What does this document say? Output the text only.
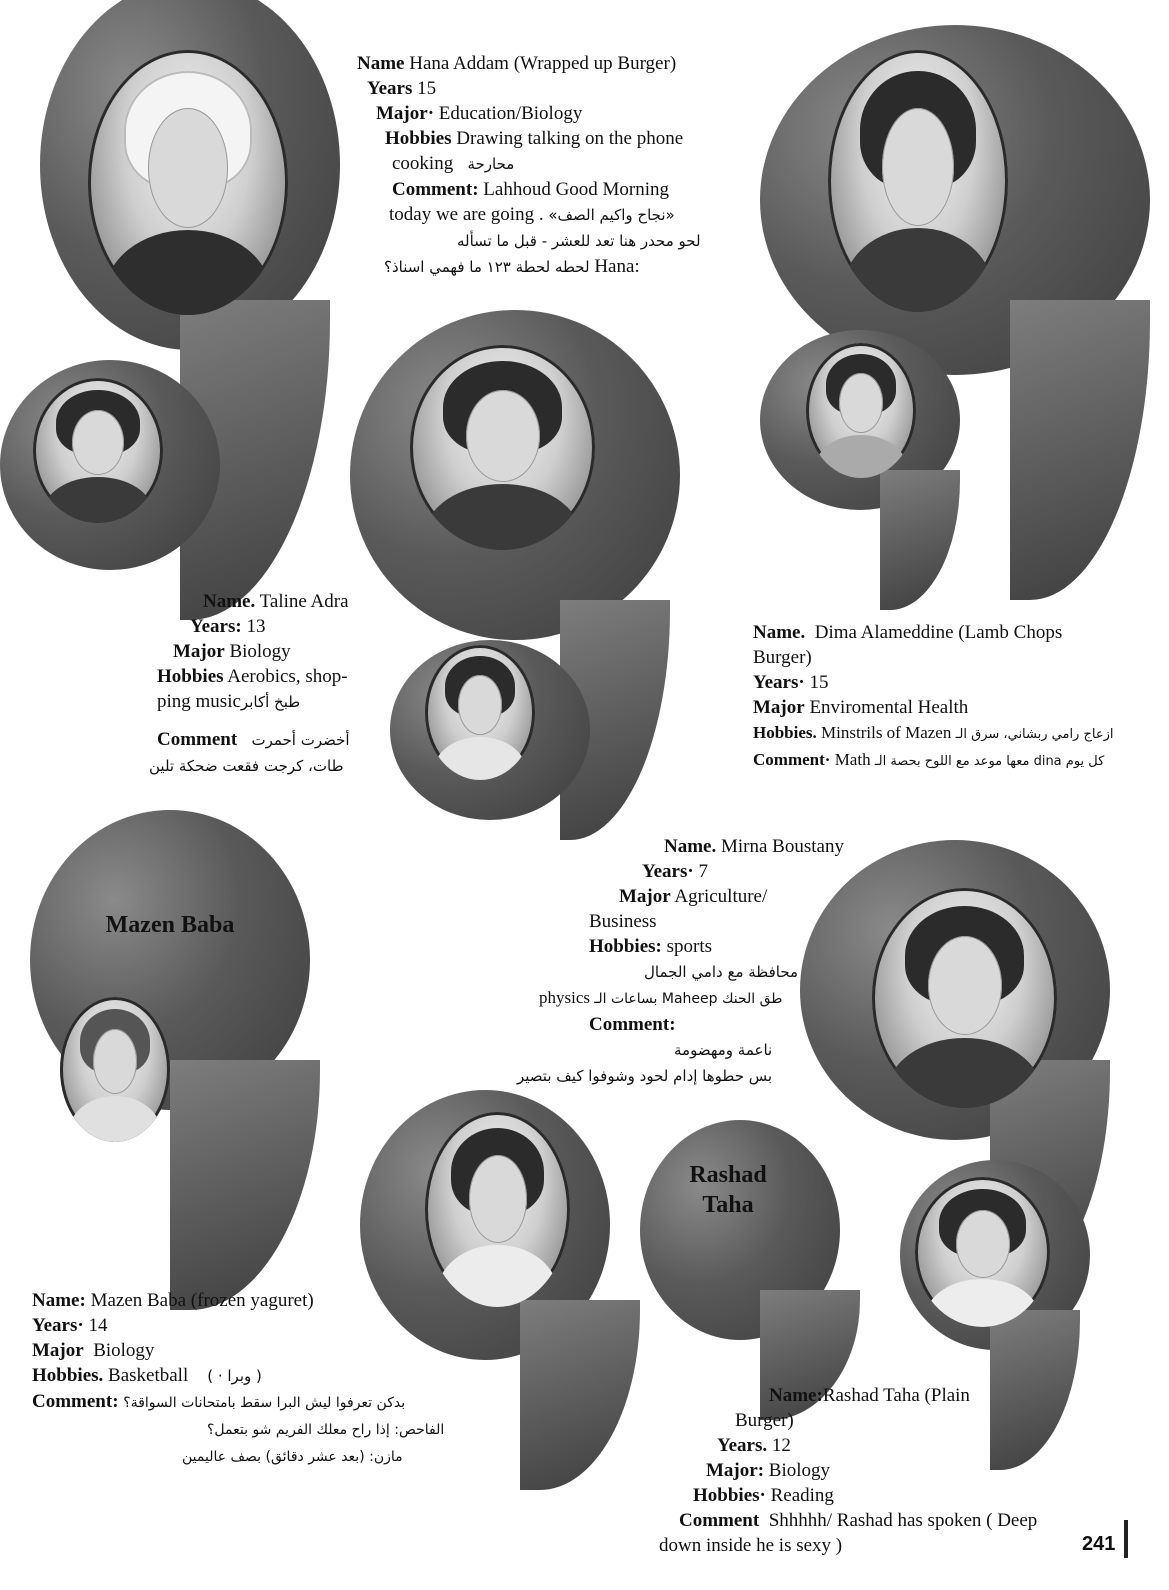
Name Hana Addam (Wrapped up Burger)
Years 15
Major· Education/Biology
Hobbies Drawing talking on the phone
cooking محارحة
Comment: Lahhoud Good Morning
today we are going . «نجاح واكيم الصف»
لحو محدر هنا تعد للعشر - قبل ما تسأله
لحطه لحطة ١٢٣ ما فهمي اسناذ؟ Hana:
Name. Taline Adra
Years: 13
Major Biology
Hobbies Aerobics, shop-
ping musicطبخ أكابر
Comment أخضرت أحمرت
طات، كرجت فقعت ضحكة تلين
Name. Dima Alameddine (Lamb Chops
Burger)
Years· 15
Major Enviromental Health
Hobbies. Minstrils of Mazen ازعاج رامي ربشاني، سرق الـ
Comment· Math كل يوم dina معها موعد مع اللوح بحصة الـ
Name. Mirna Boustany
Years· 7
Major Agriculture/
Business
Hobbies: sports
محافظة مع دامي الجمال
physics طق الحنك Maheep بساعات الـ
Comment:
ناعمة ومهضومة
بس حطوها إدام لحود وشوفوا كيف بتصير
Mazen Baba
Name: Mazen Baba (frozen yaguret)
Years· 14
Major Biology
Hobbies. Basketball ( وبرا · )
Comment: بدكن تعرفوا ليش البرا سقط بامتحانات السواقة؟
الفاحص: إذا راح معلك الفريم شو بتعمل؟
مازن: (بعد عشر دقائق) بصف عاليمين
Rashad
Taha
Name:Rashad Taha (Plain
Burger)
Years. 12
Major: Biology
Hobbies· Reading
Comment Shhhhh/ Rashad has spoken ( Deep
down inside he is sexy )	241
